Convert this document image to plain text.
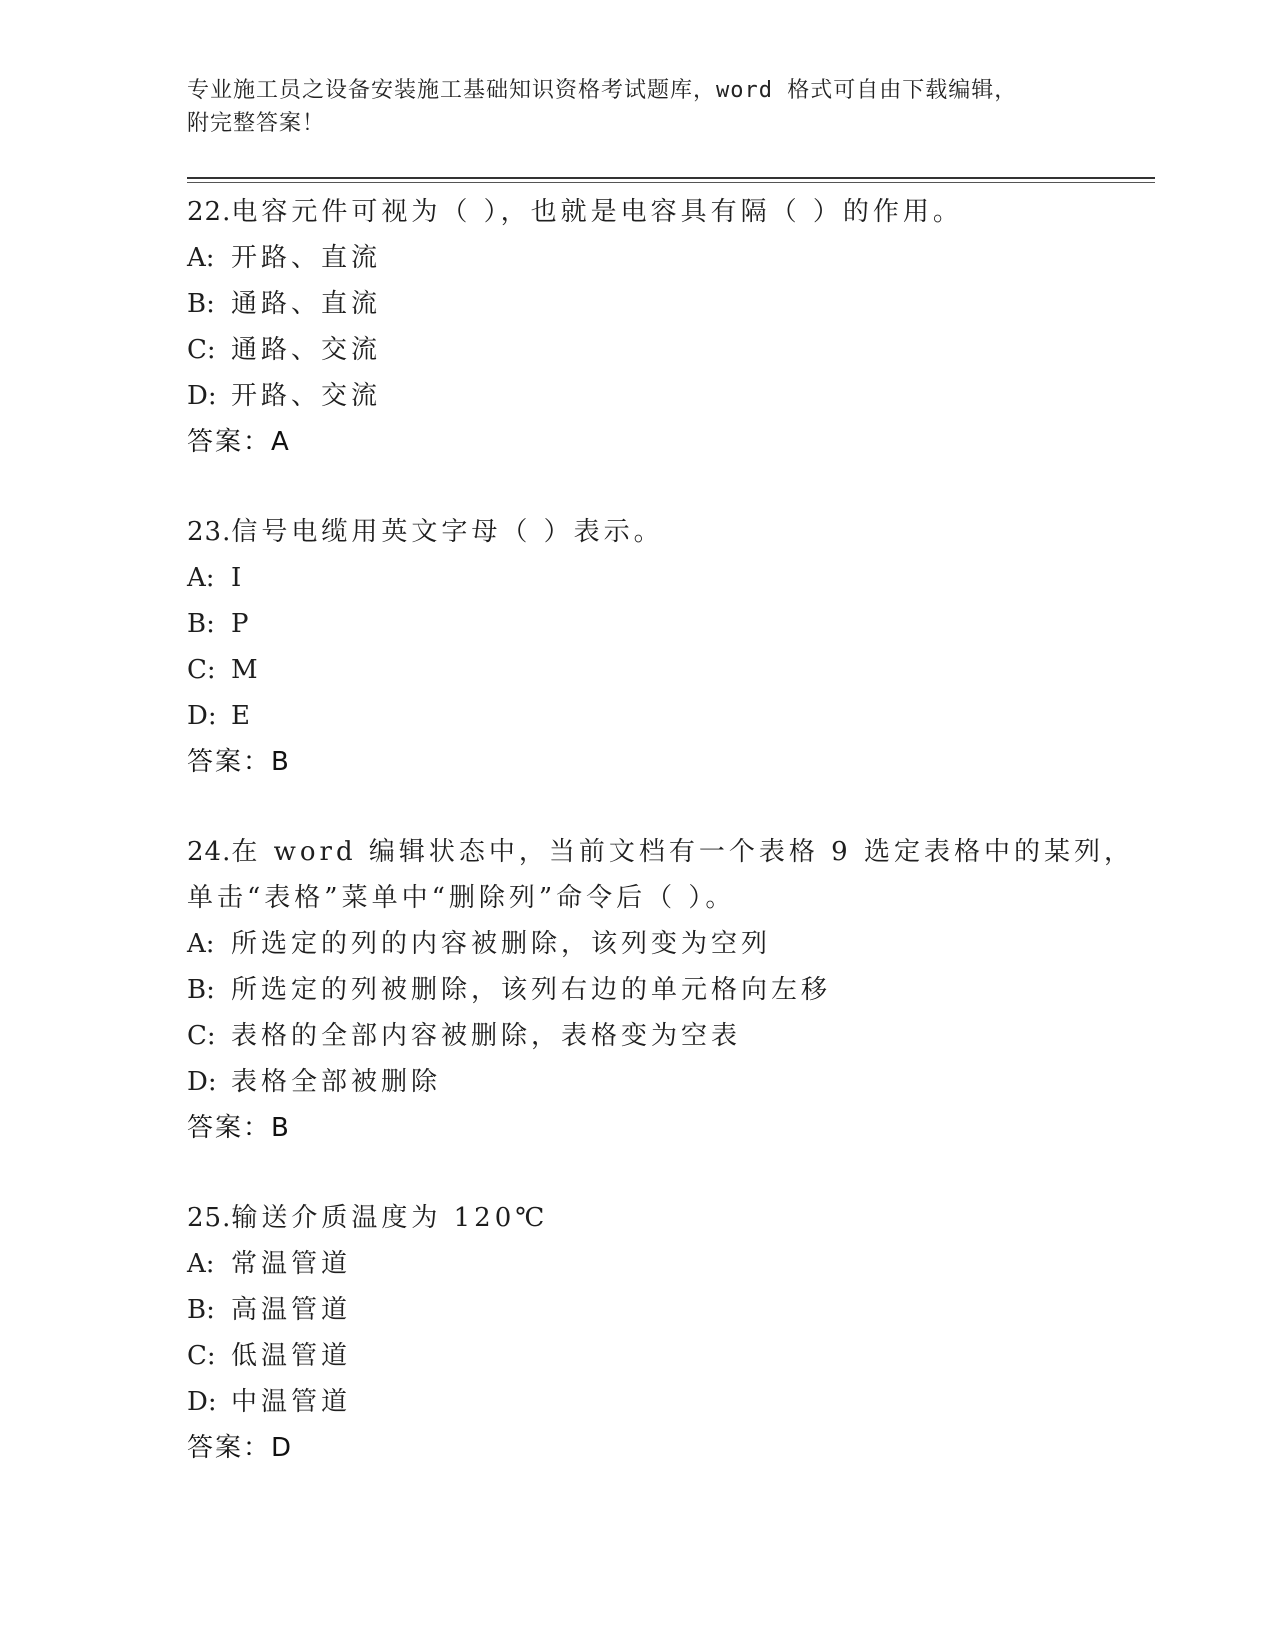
专业施工员之设备安装施工基础知识资格考试题库，word 格式可自由下载编辑，
附完整答案！
22.电容元件可视为（ ），也就是电容具有隔（ ）的作用。
A: 开路、直流
B: 通路、直流
C: 通路、交流
D: 开路、交流
答案：A
23.信号电缆用英文字母（ ）表示。
A: I
B: P
C: M
D: E
答案：B
24.在 word 编辑状态中，当前文档有一个表格 9 选定表格中的某列，
单击“表格”菜单中“删除列”命令后（ ）。
A: 所选定的列的内容被删除，该列变为空列
B: 所选定的列被删除，该列右边的单元格向左移
C: 表格的全部内容被删除，表格变为空表
D: 表格全部被删除
答案：B
25.输送介质温度为 120℃
A: 常温管道
B: 高温管道
C: 低温管道
D: 中温管道
答案：D
